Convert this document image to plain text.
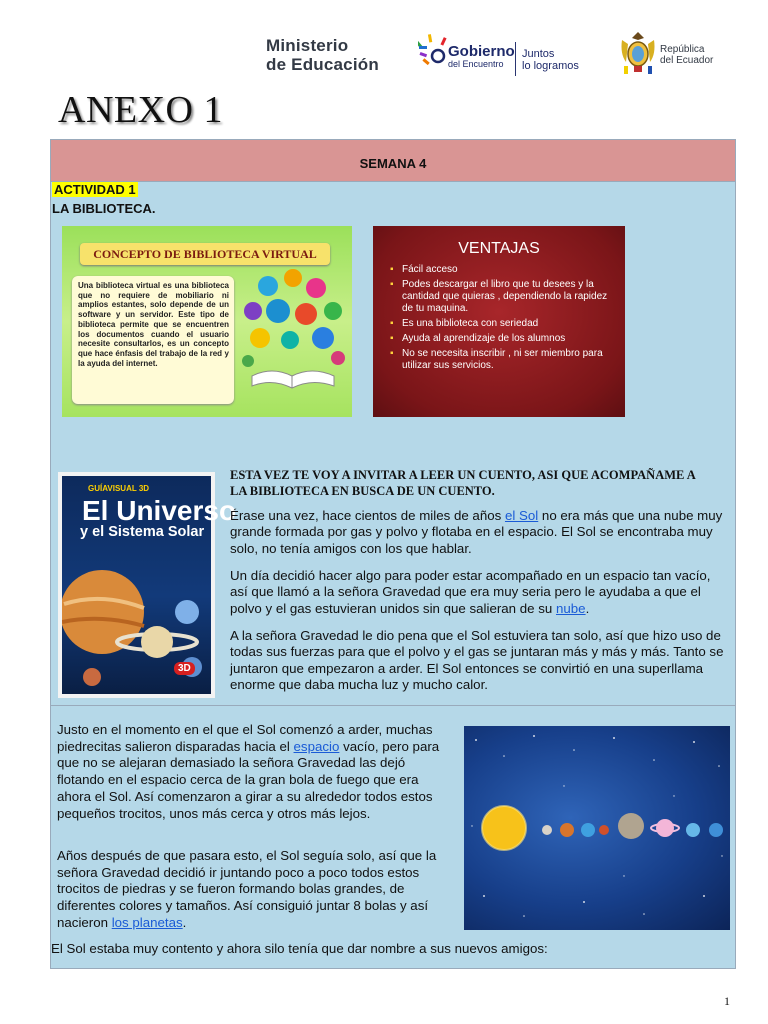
Ministerio
de Educación
Gobierno
del Encuentro
Juntos
lo logramos
República
del Ecuador
ANEXO 1
SEMANA 4
ACTIVIDAD 1
LA BIBLIOTECA.
CONCEPTO DE BIBLIOTECA VIRTUAL
Una biblioteca virtual es una biblioteca que no requiere de mobiliario ni amplios estantes, solo depende de un software y un servidor. Este tipo de biblioteca permite que se encuentren los documentos cuando el usuario necesite consultarlos, es un concepto que hace énfasis del trabajo de la red y la ayuda del internet.
VENTAJAS
▪ Fácil acceso
▪ Podes descargar el libro que tu desees y la cantidad que quieras , dependiendo la rapidez de tu maquina.
▪ Es una biblioteca con seriedad
▪ Ayuda al aprendizaje de los alumnos
▪ No se necesita inscribir , ni ser miembro para utilizar sus servicios.
GUÍAVISUAL 3D
El Universo
y el Sistema Solar
3D
ESTA VEZ TE VOY A INVITAR A LEER UN CUENTO, ASI QUE ACOMPAÑAME A LA BIBLIOTECA EN BUSCA DE UN CUENTO.

Érase una vez, hace cientos de miles de años el Sol no era más que una nube muy grande formada por gas y polvo y flotaba en el espacio. El Sol se encontraba muy solo, no tenía amigos con los que hablar.

Un día decidió hacer algo para poder estar acompañado en un espacio tan vacío, así que llamó a la señora Gravedad que era muy seria pero le ayudaba a que el polvo y el gas estuvieran unidos sin que salieran de su nube.

A la señora Gravedad le dio pena que el Sol estuviera tan solo, así que hizo uso de todas sus fuerzas para que el polvo y el gas se juntaran más y más y más. Tanto se juntaron que empezaron a arder. El Sol entonces se convirtió en una superllama enorme que daba mucha luz y mucho calor.

Justo en el momento en el que el Sol comenzó a arder, muchas piedrecitas salieron disparadas hacia el espacio vacío, pero para que no se alejaran demasiado la señora Gravedad las dejó flotando en el espacio cerca de la gran bola de fuego que era ahora el Sol. Así comenzaron a girar a su alrededor todos estos pequeños trocitos, unos más cerca y otros más lejos.

Años después de que pasara esto, el Sol seguía solo, así que la señora Gravedad decidió ir juntando poco a poco todos estos trocitos de piedras y se fueron formando bolas grandes, de diferentes colores y tamaños. Así consiguió juntar 8 bolas y así nacieron los planetas.

El Sol estaba muy contento y ahora silo tenía que dar nombre a sus nuevos amigos:

1
